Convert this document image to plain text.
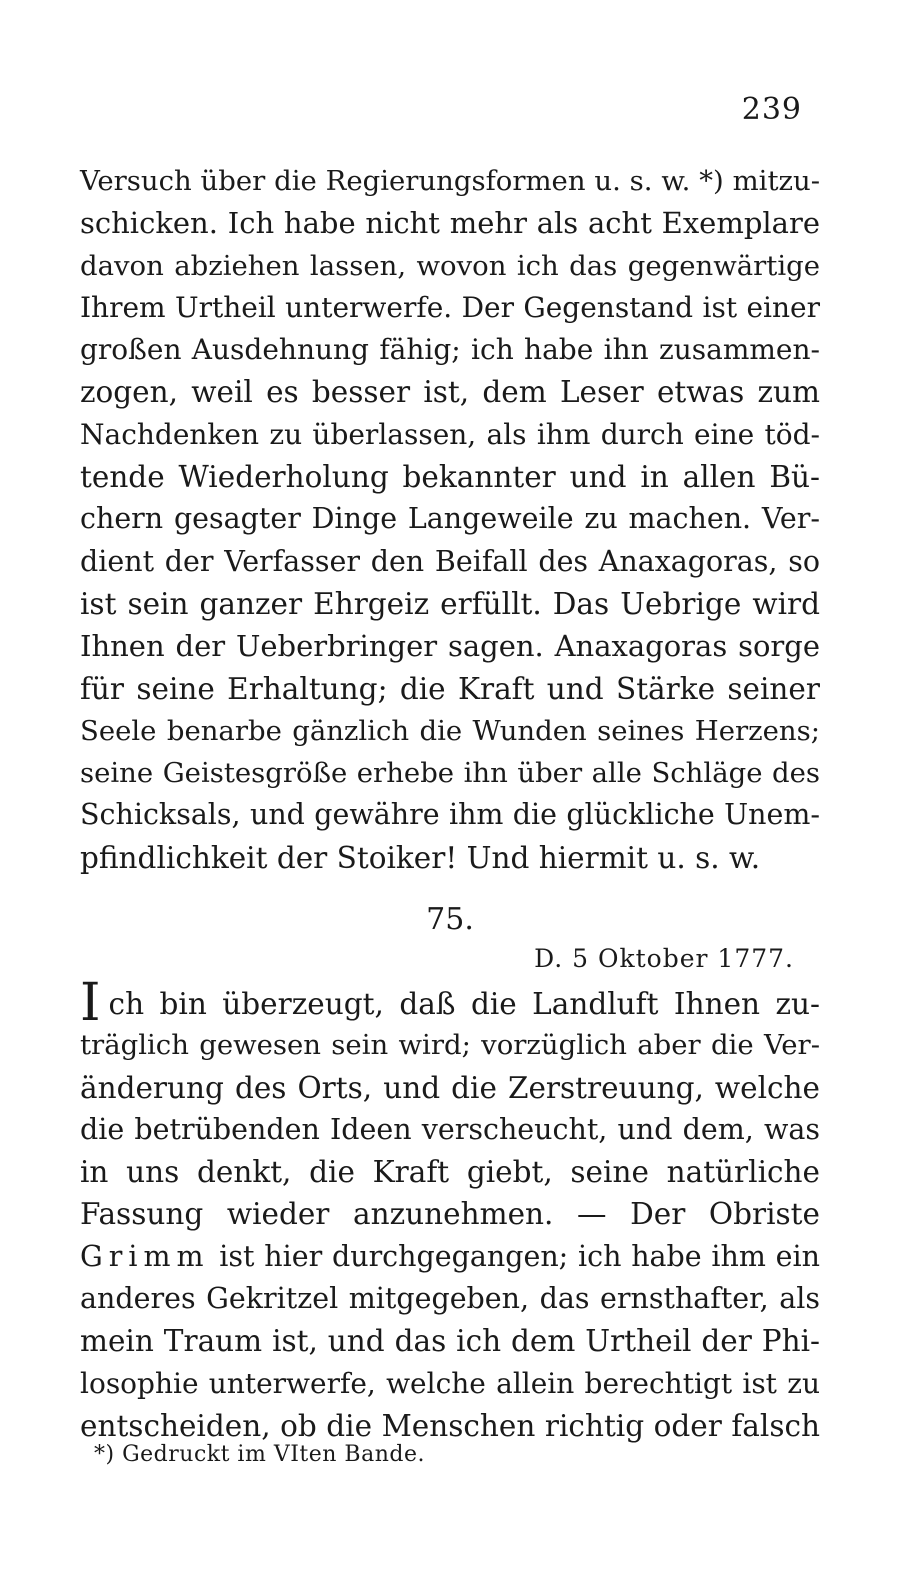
239
Versuch über die Regierungsformen u. s. w. *) mitzu-
schicken. Ich habe nicht mehr als acht Exemplare
davon abziehen lassen, wovon ich das gegenwärtige
Ihrem Urtheil unterwerfe. Der Gegenstand ist einer
großen Ausdehnung fähig; ich habe ihn zusammen-
zogen, weil es besser ist, dem Leser etwas zum
Nachdenken zu überlassen, als ihm durch eine töd-
tende Wiederholung bekannter und in allen Bü-
chern gesagter Dinge Langeweile zu machen. Ver-
dient der Verfasser den Beifall des Anaxagoras, so
ist sein ganzer Ehrgeiz erfüllt. Das Uebrige wird
Ihnen der Ueberbringer sagen. Anaxagoras sorge
für seine Erhaltung; die Kraft und Stärke seiner
Seele benarbe gänzlich die Wunden seines Herzens;
seine Geistesgröße erhebe ihn über alle Schläge des
Schicksals, und gewähre ihm die glückliche Unem-
pfindlichkeit der Stoiker! Und hiermit u. s. w.
75.
D. 5 Oktober 1777.
Ich bin überzeugt, daß die Landluft Ihnen zu-
träglich gewesen sein wird; vorzüglich aber die Ver-
änderung des Orts, und die Zerstreuung, welche
die betrübenden Ideen verscheucht, und dem, was
in uns denkt, die Kraft giebt, seine natürliche
Fassung wieder anzunehmen. — Der Obriste
Grimm ist hier durchgegangen; ich habe ihm ein
anderes Gekritzel mitgegeben, das ernsthafter, als
mein Traum ist, und das ich dem Urtheil der Phi-
losophie unterwerfe, welche allein berechtigt ist zu
entscheiden, ob die Menschen richtig oder falsch
*) Gedruckt im VIten Bande.
